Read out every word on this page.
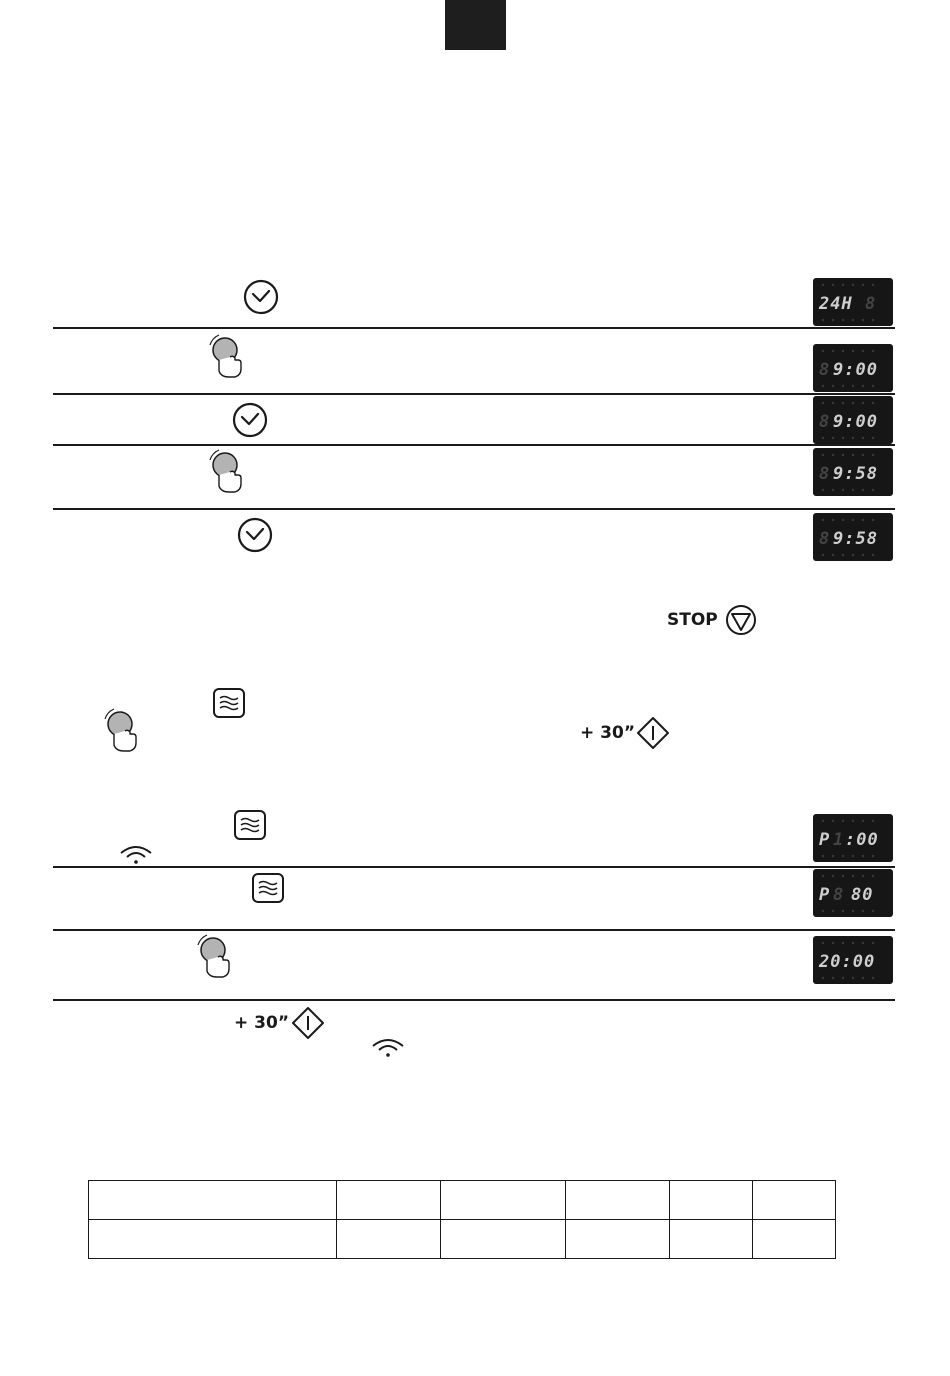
24H 8
8 9:00
8 9:00
8 9:58
8 9:58
STOP
+ 30”
P 1 :00
P 8 80
20:00
+ 30”
